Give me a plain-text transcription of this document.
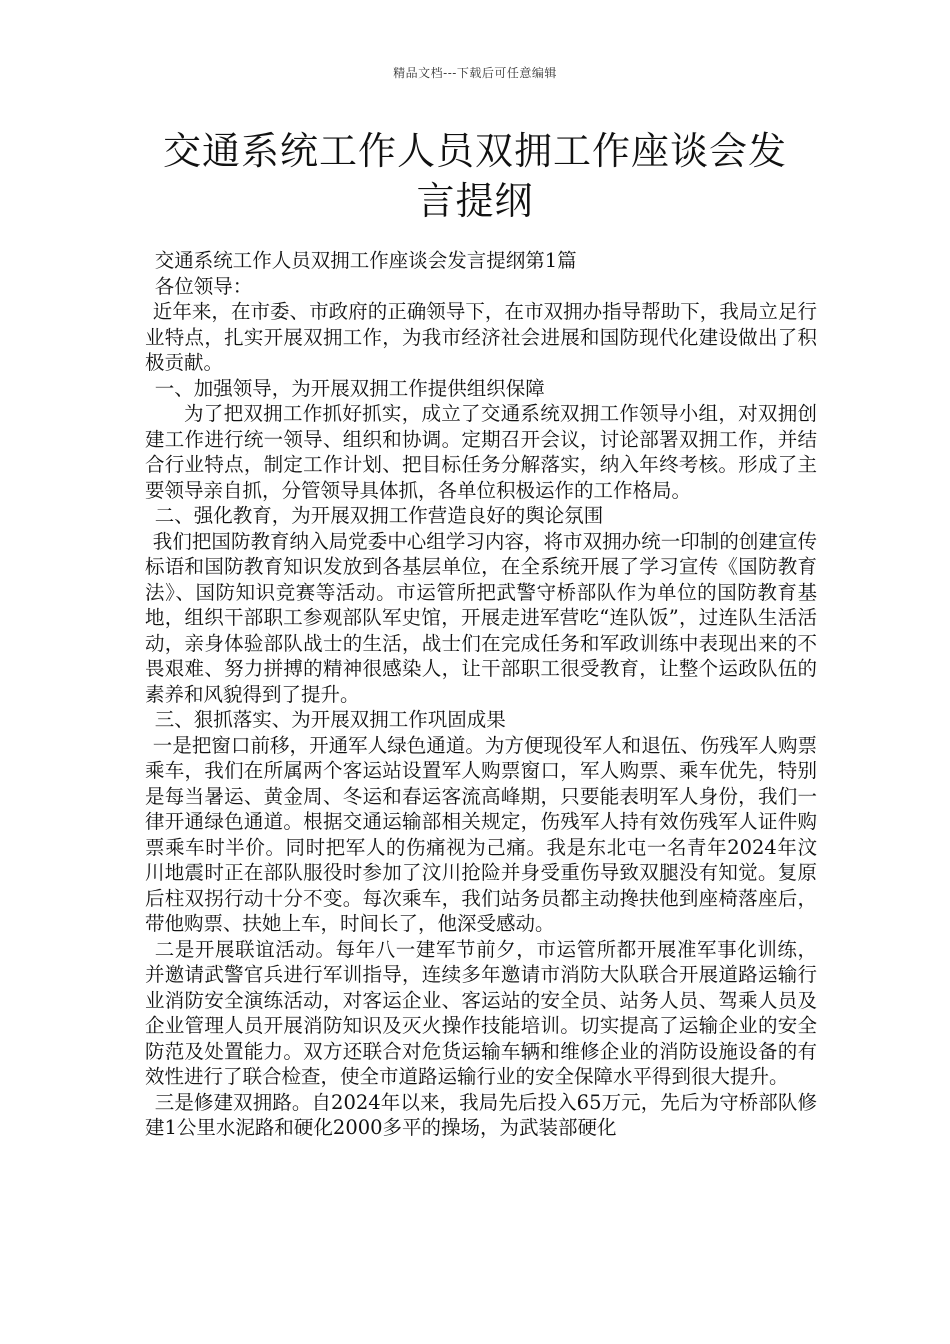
精品文档---下载后可任意编辑
交通系统工作人员双拥工作座谈会发言提纲

交通系统工作人员双拥工作座谈会发言提纲第1篇

各位领导：

近年来，在市委、市政府的正确领导下，在市双拥办指导帮助下，我局立足行业特点，扎实开展双拥工作，为我市经济社会进展和国防现代化建设做出了积极贡献。

一、加强领导，为开展双拥工作提供组织保障

为了把双拥工作抓好抓实，成立了交通系统双拥工作领导小组，对双拥创建工作进行统一领导、组织和协调。定期召开会议，讨论部署双拥工作，并结合行业特点，制定工作计划、把目标任务分解落实，纳入年终考核。形成了主要领导亲自抓，分管领导具体抓，各单位积极运作的工作格局。

二、强化教育，为开展双拥工作营造良好的舆论氛围

我们把国防教育纳入局党委中心组学习内容，将市双拥办统一印制的创建宣传标语和国防教育知识发放到各基层单位，在全系统开展了学习宣传《国防教育法》、国防知识竞赛等活动。市运管所把武警守桥部队作为单位的国防教育基地，组织干部职工参观部队军史馆，开展走进军营吃“连队饭”，过连队生活活动，亲身体验部队战士的生活，战士们在完成任务和军政训练中表现出来的不畏艰难、努力拼搏的精神很感染人，让干部职工很受教育，让整个运政队伍的素养和风貌得到了提升。

三、狠抓落实、为开展双拥工作巩固成果

一是把窗口前移，开通军人绿色通道。为方便现役军人和退伍、伤残军人购票乘车，我们在所属两个客运站设置军人购票窗口，军人购票、乘车优先，特别是每当暑运、黄金周、冬运和春运客流高峰期，只要能表明军人身份，我们一律开通绿色通道。根据交通运输部相关规定，伤残军人持有效伤残军人证件购票乘车时半价。同时把军人的伤痛视为己痛。我是东北屯一名青年2024年汶川地震时正在部队服役时参加了汶川抢险并身受重伤导致双腿没有知觉。复原后柱双拐行动十分不变。每次乘车，我们站务员都主动搀扶他到座椅落座后，带他购票、扶她上车，时间长了，他深受感动。

二是开展联谊活动。每年八一建军节前夕，市运管所都开展准军事化训练，并邀请武警官兵进行军训指导，连续多年邀请市消防大队联合开展道路运输行业消防安全演练活动，对客运企业、客运站的安全员、站务人员、驾乘人员及企业管理人员开展消防知识及灭火操作技能培训。切实提高了运输企业的安全防范及处置能力。双方还联合对危货运输车辆和维修企业的消防设施设备的有效性进行了联合检查，使全市道路运输行业的安全保障水平得到很大提升。

三是修建双拥路。自2024年以来，我局先后投入65万元，先后为守桥部队修建1公里水泥路和硬化2000多平的操场，为武装部硬化
